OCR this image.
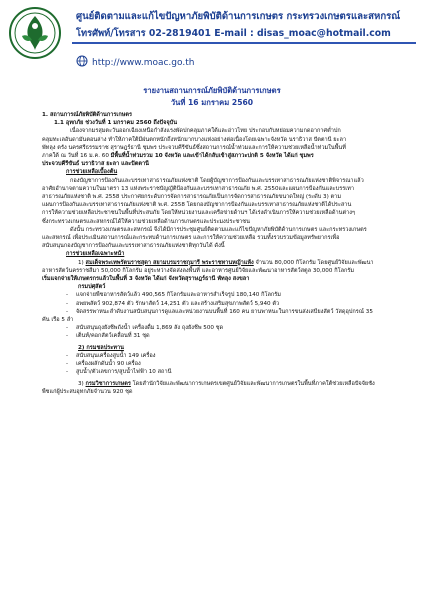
ศูนย์ติดตามและแก้ไขปัญหาภัยพิบัติด้านการเกษตร กระทรวงเกษตรและสหกรณ์
โทรศัพท์/โทรสาร 02-2819401 E-mail : disas_moac@hotmail.com
http://www.moac.go.th
รายงานสถานการณ์ภัยพิบัติด้านการเกษตร
วันที่ 16 มกราคม 2560

1. สถานการณ์ภัยพิบัติด้านการเกษตร

1.1 อุทกภัย ช่วงวันที่ 1 มกราคม 2560 ถึงปัจจุบัน

เนื่องจากมรสุมตะวันออกเฉียงเหนือกำลังแรงพัดปกคลุมภาคใต้และอ่าวไทย ประกอบกับหย่อมความกดอากาศต่ำปก

คลุมทะเลอันดามันตอนล่าง ทำให้ภาคใต้มีฝนตกหนักถึงหนักมากบางแห่งอย่างต่อเนื่องโดยเฉพาะจังหวัด นราธิวาส ปัตตานี ยะลา

พัทลุง ตรัง นครศรีธรรมราช สุราษฎร์ธานี ชุมพร ประจวบคีรีขันธ์ซึ่งสถานการณ์น้ำท่วมและการให้ความช่วยเหลือน้ำท่วมในพื้นที่

ภาคใต้ ณ วันที่ 16 ม.ค. 60 มีพื้นที่น้ำท่วมรวม 10 จังหวัด และเข้าได้กลับเข้าสู่สภาวะปกติ 5 จังหวัด ได้แก่ ชุมพร

ประจวบคีรีขันธ์ นราธิวาส ยะลา และปัตตานี

การช่วยเหลือเบื้องต้น

กองบัญชาการป้องกันและบรรเทาสาธารณภัยแห่งชาติ โดยผู้บัญชาการป้องกันและบรรเทาสาธารณภัยแห่งชาติพิจารณาแล้ว

อาศัยอำนาจตามความในมาตรา 13 แห่งพระราชบัญญัติป้องกันและบรรเทาสาธารณภัย พ.ศ. 2550และแผนการป้องกันและบรรเทา

สาธารณภัยแห่งชาติ พ.ศ. 2558 ประกาศยกระดับการจัดการสาธารณภัยเป็นการจัดการสาธารณภัยขนาดใหญ่ (ระดับ 3) ตาม

แผนการป้องกันและบรรเทาสาธารณภัยแห่งชาติ พ.ศ. 2558 โดยกองบัญชาการป้องกันและบรรเทาสาธารณภัยแห่งชาติได้ประสาน

การให้ความช่วยเหลือประชาชนในพื้นที่ประสบภัย โดยให้หน่วยงานและเครือข่ายด้านฯ ได้เร่งดำเนินการให้ความช่วยเหลือด้านต่างๆ

ซึ่งกระทรวงเกษตรและสหกรณ์ได้ให้ความช่วยเหลือด้านการเกษตรและประมงประชาชน

ดังนั้น กระทรวงเกษตรและสหกรณ์ จึงได้มีการประชุมศูนย์ติดตามและแก้ไขปัญหาภัยพิบัติด้านการเกษตร และกระทรวงเกษตร

และสหกรณ์ เพื่อประเมินสถานการณ์และกระทบด้านการเกษตร และการให้ความช่วยเหลือ รวมทั้งรวบรวมข้อมูลทรัพยากรเพื่อ

สนับสนุนกองบัญชาการป้องกันและบรรเทาสาธารณภัยแห่งชาติทุกวันได้ ดังนี้

การช่วยเหลือเฉพาะหน้า

1) สมเด็จพระเทพรัตนราชสุดา สยามบรมราชกุมารี พระราชทานหญ้าแห้ง จำนวน 80,000 กิโลกรัม โดยศูนย์วิจัยและพัฒนา

อาหารสัตว์นครราชสีมา 50,000 กิโลกรัม อยู่ระหว่างจัดส่งลงพื้นที่ และอาหารศูนย์วิจัยและพัฒนาอาหารสัตว์สตูล 30,000 กิโลกรัม

เริ่มแจกจ่ายให้เกษตรกรแล้วในพื้นที่ 3 จังหวัด ได้แก่ จังหวัดสุราษฎร์ธานี พัทลุง สงขลา

กรมปศุสัตว์

- แจกจ่ายพืชอาหารสัตว์แล้ว 490,565 กิโลกรัมและอาหารสำเร็จรูป 180,140 กิโลกรัม

- อพยพสัตว์ 902,874 ตัว รักษาสัตว์ 14,251 ตัว และสร้างเสริมสุขภาพสัตว์ 5,940 ตัว

- จัดสรรพาหนะลำดับงานสนับสนุนการดูแลและหน่วยงานบนพื้นที่ 160 คน ยานพาหนะในการขนส่งเสบียงสัตว์ วัสดุอุปกรณ์ 35

คัน เรือ 5 ลำ

- สนับสนุนถุงยังชีพถังน้ำ เครื่องดื่ม 1,869 ลัง ถุงยังชีพ 500 ชุด

- เต็นท์/คอกสัตว์เคลื่อนที่ 31 ชุด

2) กรมชลประทาน

- สนับสนุนเครื่องสูบน้ำ 149 เครื่อง

- เครื่องผลักดันน้ำ 90 เครื่อง

- สูบน้ำ/ตัวเลขการ/สูบน้ำไฟฟ้า 10 สถานี

3) กรมวิชาการเกษตร โดยสำนักวิจัยและพัฒนาการเกษตรเขตศูนย์วิจัยและพัฒนาการเกษตรในพื้นที่ภาคใต้ช่วยเหลือปัจจัยชัง

พืชแก่ผู้ประสบอุทกภัยจำนวน 920 ชุด
